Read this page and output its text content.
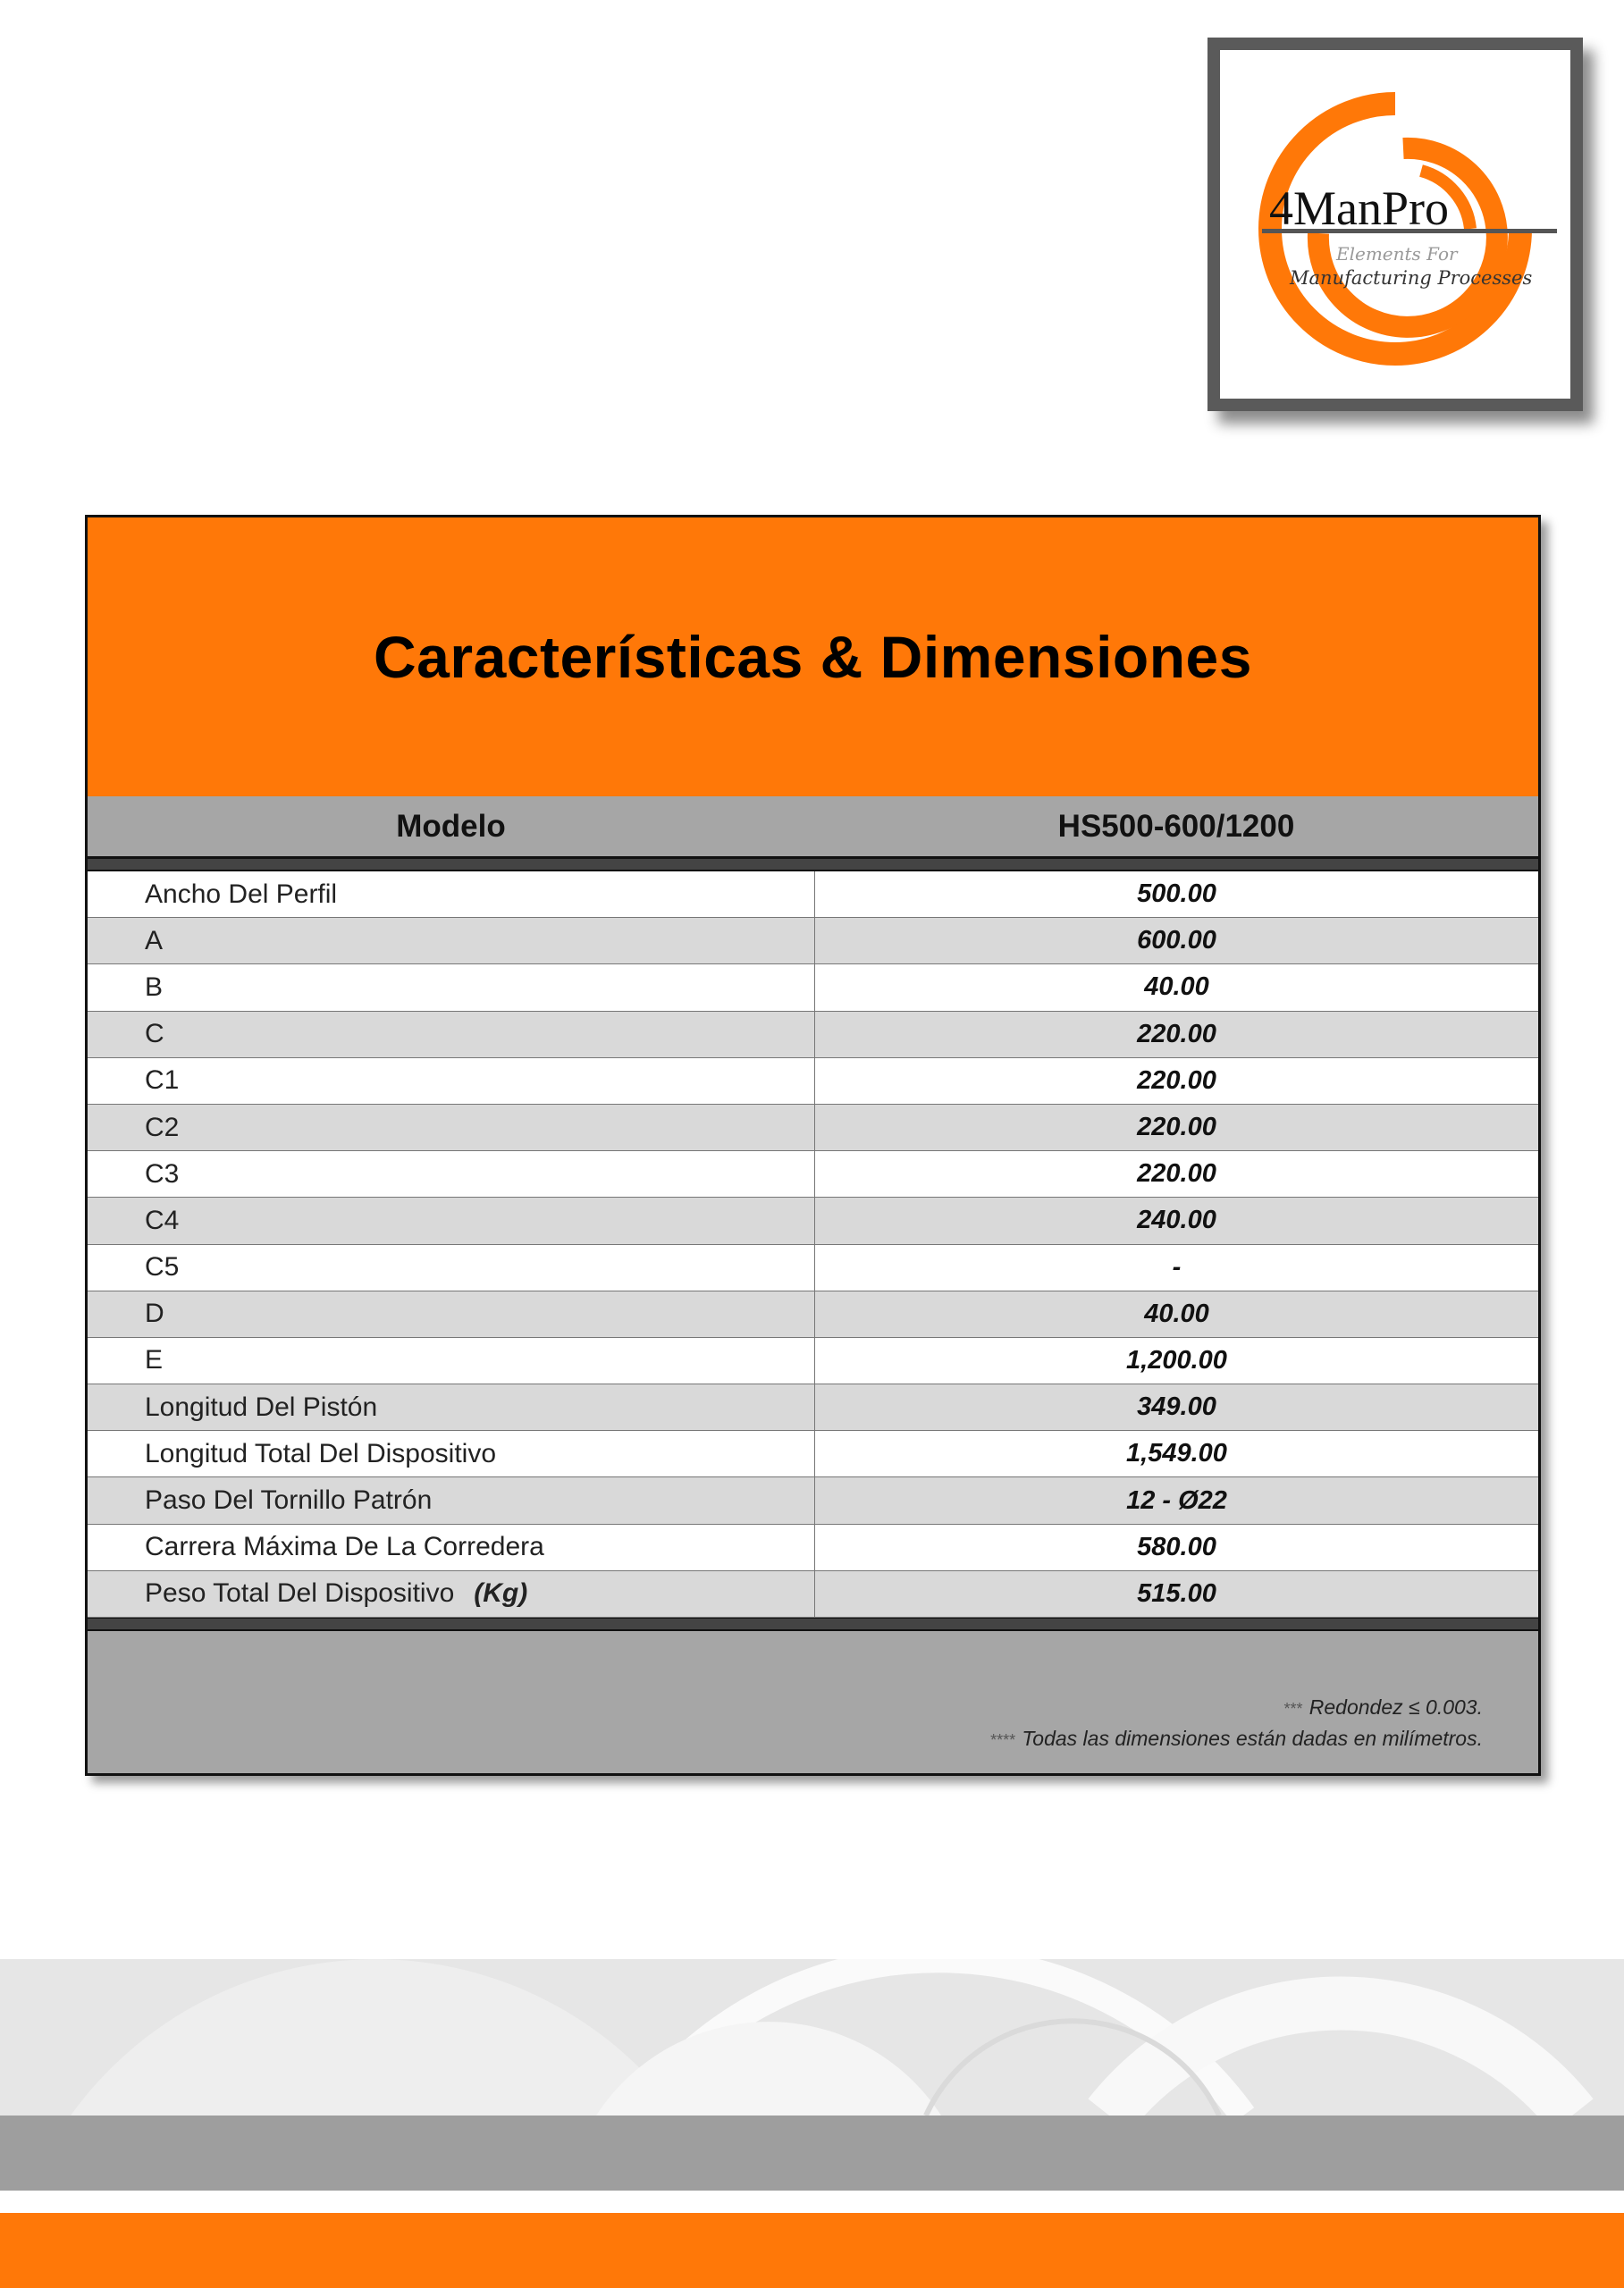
4ManPro
Elements For
Manufacturing Processes
Características & Dimensiones
Modelo	HS500-600/1200
Ancho Del Perfil	500.00
A	600.00
B	40.00
C	220.00
C1	220.00
C2	220.00
C3	220.00
C4	240.00
C5	-
D	40.00
E	1,200.00
Longitud Del Pistón	349.00
Longitud Total Del Dispositivo	1,549.00
Paso Del Tornillo Patrón	12 - Ø22
Carrera Máxima De La Corredera	580.00
Peso Total Del Dispositivo (Kg)	515.00
*** Redondez ≤ 0.003.
**** Todas las dimensiones están dadas en milímetros.
